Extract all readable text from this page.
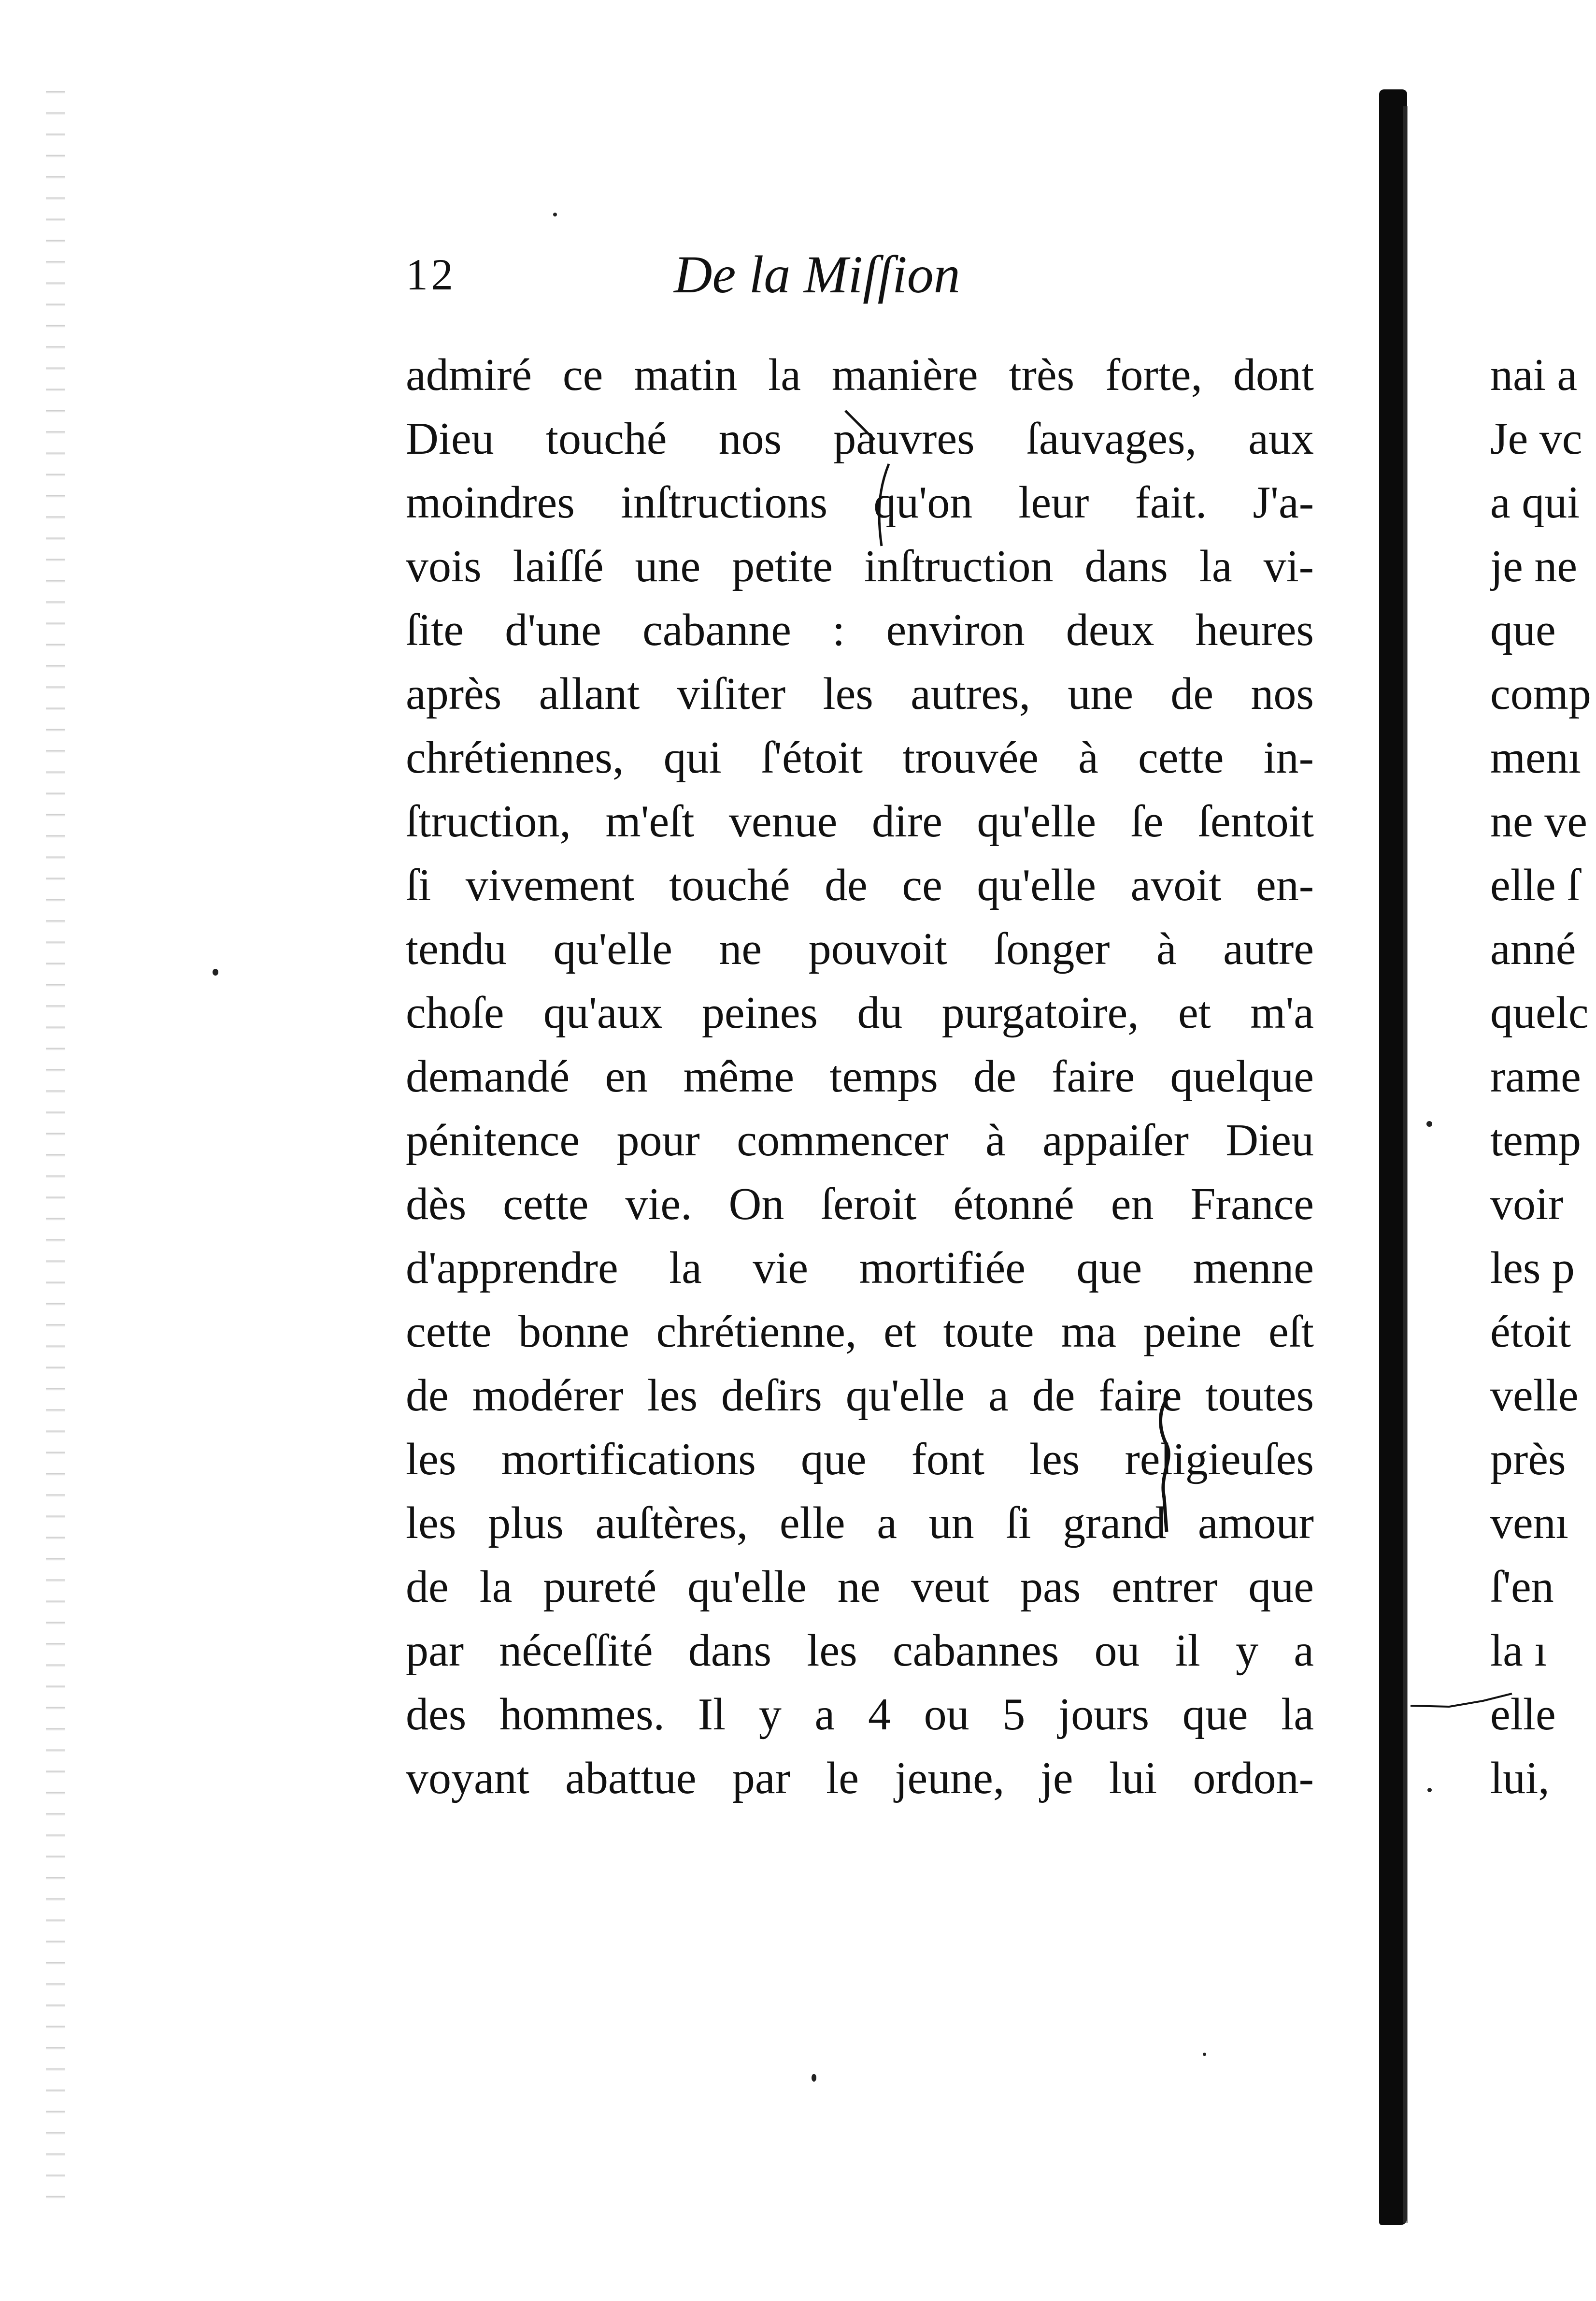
12	De la Miſſion
admiré ce matin la manière très forte, dont
Dieu touché nos pauvres ſauvages, aux
moindres inſtructions qu'on leur fait. J'a-
vois laiſſé une petite inſtruction dans la vi-
ſite d'une cabanne : environ deux heures
après allant viſiter les autres, une de nos
chrétiennes, qui ſ'étoit trouvée à cette in-
ſtruction, m'eſt venue dire qu'elle ſe ſentoit
ſi vivement touché de ce qu'elle avoit en-
tendu qu'elle ne pouvoit ſonger à autre
choſe qu'aux peines du purgatoire, et m'a
demandé en même temps de faire quelque
pénitence pour commencer à appaiſer Dieu
dès cette vie. On ſeroit étonné en France
d'apprendre la vie mortifiée que menne
cette bonne chrétienne, et toute ma peine eſt
de modérer les deſirs qu'elle a de faire toutes
les mortifications que font les religieuſes
les plus auſtères, elle a un ſi grand amour
de la pureté qu'elle ne veut pas entrer que
par néceſſité dans les cabannes ou il y a
des hommes. Il y a 4 ou 5 jours que la
voyant abattue par le jeune, je lui ordon-
nai a
Je vc
a qui
je ne
que
comp
menı
ne ve
elle ſ
anné
quelc
rame
temp
voir
les p
étoit
velle
près
venı
ſ'en
la ı
elle
lui,
